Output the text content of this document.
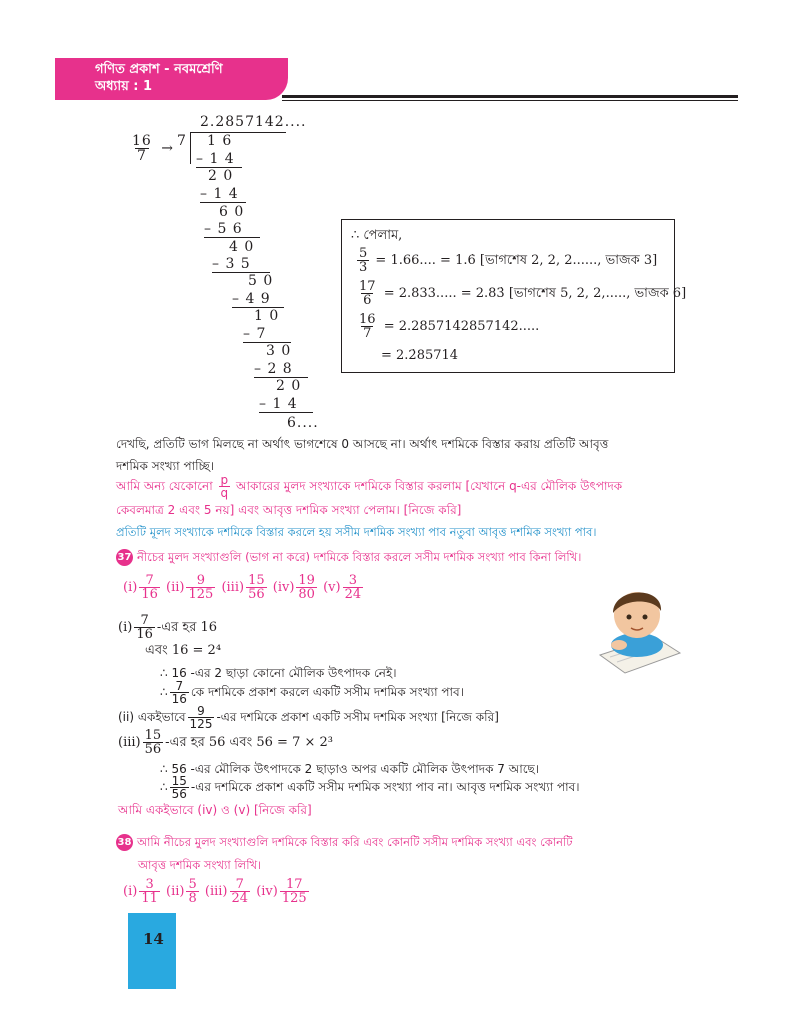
গণিত প্রকাশ - নবমশ্রেণি
অধ্যায় : 1
2.2857142....
$\frac{16}{7} \to 7$ 1 6
– 1 4
2 0
– 1 4
6 0
– 5 6
4 0
– 3 5
5 0
– 4 9
1 0
– 7
3 0
– 2 8
2 0
– 1 4
6....
∴ পেলাম,
$\frac{5}{3} = 1.66$.... = 1.6̇ [ভাগশেষ 2, 2, 2......, ভাজক 3]
$\frac{17}{6} = 2.833$..... = 2.83̇ [ভাগশেষ 5, 2, 2,....., ভাজক 6]
$\frac{16}{7} = 2.2857142857142$.....
= 2.2̇85714̇
দেখছি, প্রতিটি ভাগ মিলছে না অর্থাৎ ভাগশেষে 0 আসছে না। অর্থাৎ দশমিকে বিস্তার করায় প্রতিটি আবৃত্ত
দশমিক সংখ্যা পাচ্ছি।
আমি অন্য যেকোনো $\frac{p}{q}$ আকারের মুলদ সংখ্যাকে দশমিকে বিস্তার করলাম [যেখানে q-এর মৌলিক উৎপাদক
কেবলমাত্র 2 এবং 5 নয়] এবং আবৃত্ত দশমিক সংখ্যা পেলাম। [নিজে করি]
প্রতিটি মূলদ সংখ্যাকে দশমিকে বিস্তার করলে হয় সসীম দশমিক সংখ্যা পাব নতুবা আবৃত্ত দশমিক সংখ্যা পাব।
37 নীচের মুলদ সংখ্যাগুলি (ভাগ না করে) দশমিকে বিস্তার করলে সসীম দশমিক সংখ্যা পাব কিনা লিখি।
$(i) \frac{7}{16} (ii) \frac{9}{125} (iii) \frac{15}{56} (iv) \frac{19}{80} (v) \frac{3}{24}$
$(i) \frac{7}{16}$ -এর হর 16
এবং 16 = 2⁴
∴ 16 -এর 2 ছাড়া কোনো মৌলিক উৎপাদক নেই।
∴ $\frac{7}{16}$ কে দশমিকে প্রকাশ করলে একটি সসীম দশমিক সংখ্যা পাব।
(ii) একইভাবে $\frac{9}{125}$ -এর দশমিকে প্রকাশ একটি সসীম দশমিক সংখ্যা [নিজে করি]
$(iii) \frac{15}{56}$ -এর হর 56 এবং 56 = 7 × 2³
∴ 56 -এর মৌলিক উৎপাদকে 2 ছাড়াও অপর একটি মৌলিক উৎপাদক 7 আছে।
∴ $\frac{15}{56}$ -এর দশমিকে প্রকাশ একটি সসীম দশমিক সংখ্যা পাব না। আবৃত্ত দশমিক সংখ্যা পাব।
আমি একইভাবে (iv) ও (v) [নিজে করি]
38 আমি নীচের মুলদ সংখ্যাগুলি দশমিকে বিস্তার করি এবং কোনটি সসীম দশমিক সংখ্যা এবং কোনটি
আবৃত্ত দশমিক সংখ্যা লিখি।
$(i) \frac{3}{11} (ii) \frac{5}{8} (iii) \frac{7}{24} (iv) \frac{17}{125}$
14
